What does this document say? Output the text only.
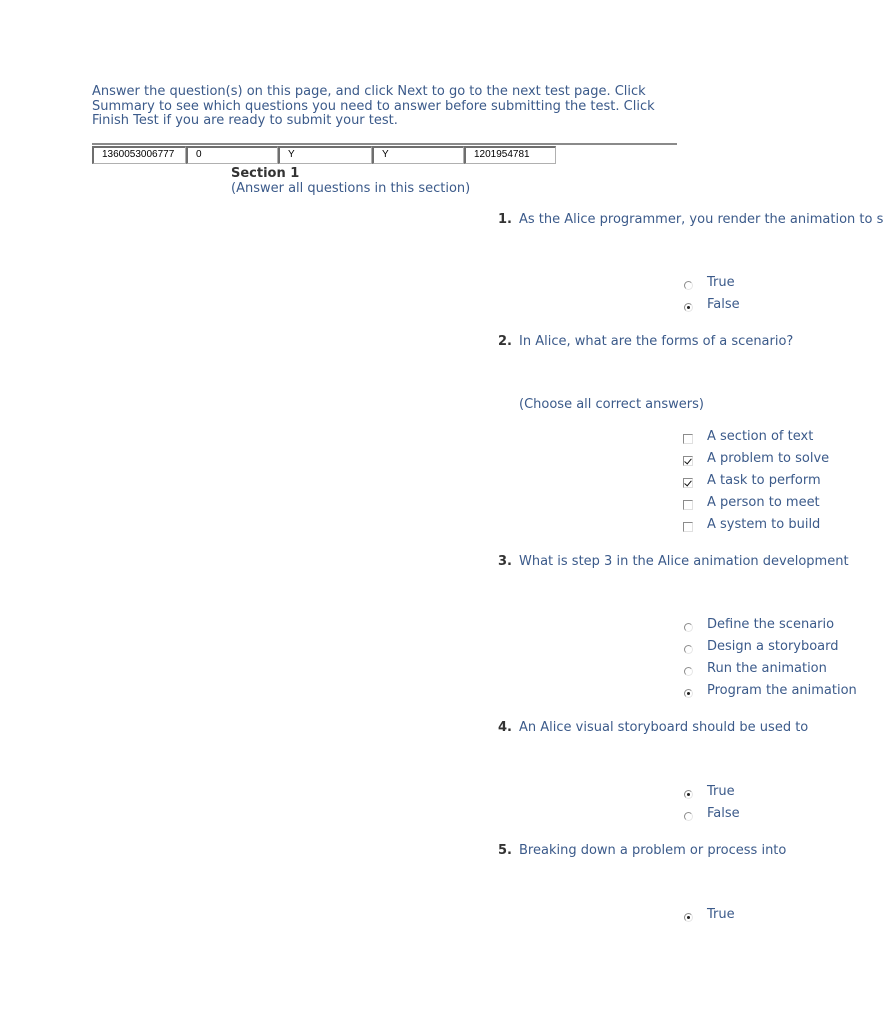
Answer the question(s) on this page, and click Next to go to the next test page. Click Summary to see which questions you need to answer before submitting the test. Click Finish Test if you are ready to submit your test.
1360053006777	0	Y	Y	1201954781
Section 1
(Answer all questions in this section)
1. As the Alice programmer, you render the animation to s
True
False
2. In Alice, what are the forms of a scenario?
(Choose all correct answers)
A section of text
A problem to solve
A task to perform
A person to meet
A system to build
3. What is step 3 in the Alice animation development
Define the scenario
Design a storyboard
Run the animation
Program the animation
4. An Alice visual storyboard should be used to
True
False
5. Breaking down a problem or process into
True
